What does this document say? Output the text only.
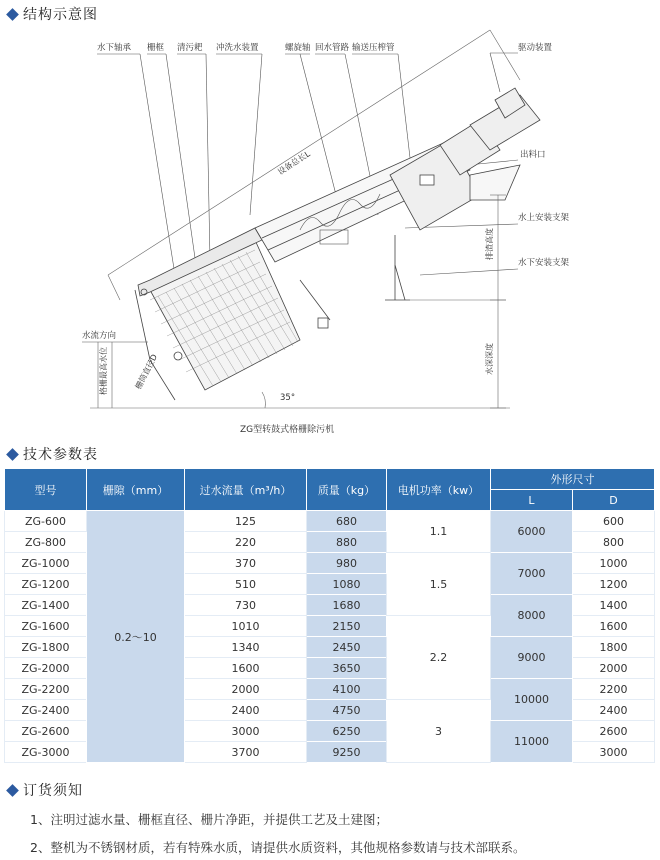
结构示意图
水下轴承 栅框 清污耙 冲洗水装置	螺旋轴 回水管路 输送压榨管	驱动装置
出料口
水上安装支架
水下安装支架
水流方向
设备总长L
排渣高度
水深深度
格栅最高水位	栅筒直径D
35°
ZG型转鼓式格栅除污机
技术参数表
型号	栅隙（mm）	过水流量（m³/h）	质量（kg）	电机功率（kw）	外形尺寸	
					L	D
ZG-600	0.2～10	125	680	1.1	6000	600
ZG-800		220	880			800
ZG-1000		370	980	1.5	7000	1000
ZG-1200		510	1080			1200
ZG-1400		730	1680		8000	1400
ZG-1600		1010	2150	2.2		1600
ZG-1800		1340	2450		9000	1800
ZG-2000		1600	3650			2000
ZG-2200		2000	4100		10000	2200
ZG-2400		2400	4750	3		2400
ZG-2600		3000	6250		11000	2600
ZG-3000		3700	9250			3000
订货须知
1、注明过滤水量、栅框直径、栅片净距，并提供工艺及土建图；
2、整机为不锈钢材质，若有特殊水质，请提供水质资料，其他规格参数请与技术部联系。
